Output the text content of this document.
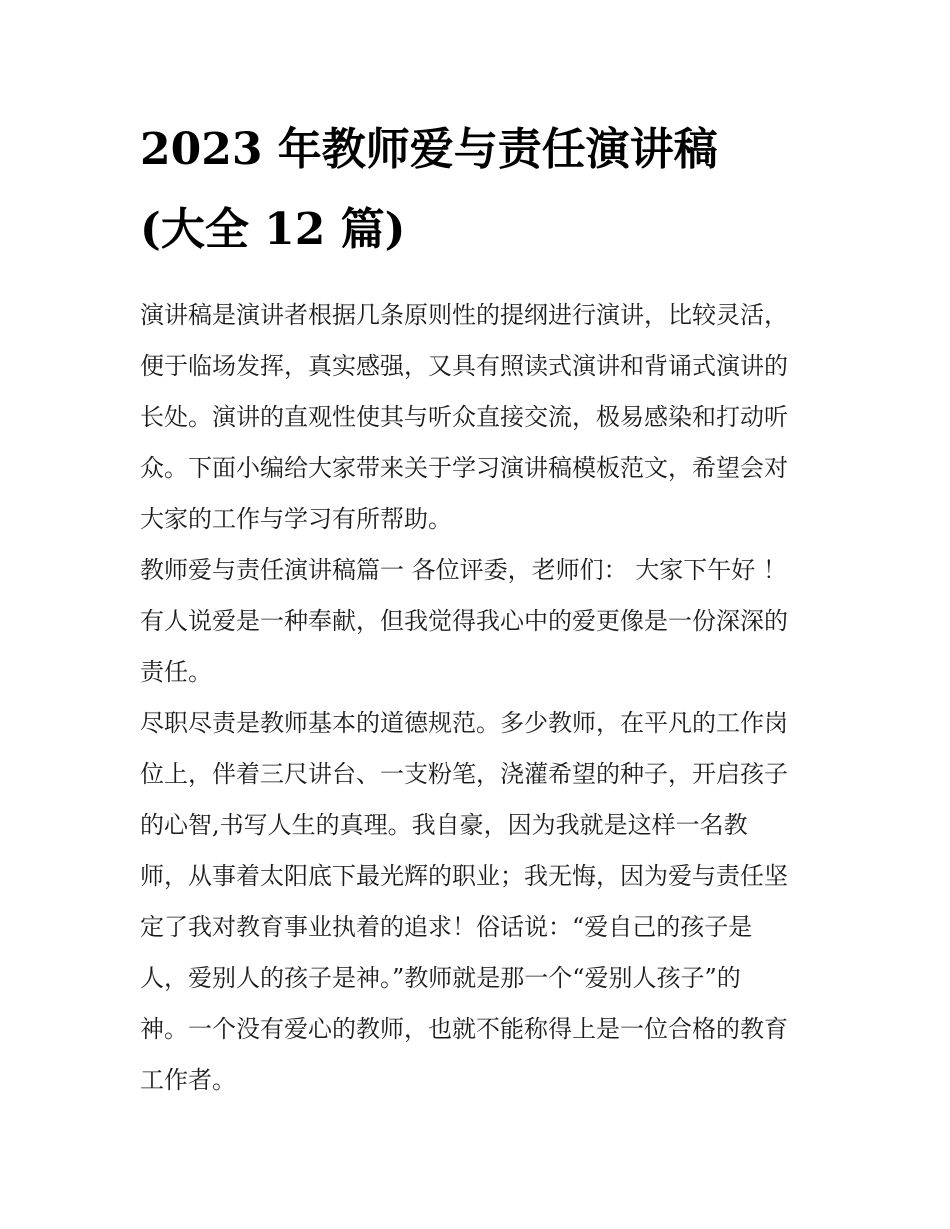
2023 年教师爱与责任演讲稿
(大全 12 篇)

演讲稿是演讲者根据几条原则性的提纲进行演讲，比较灵活，
便于临场发挥，真实感强，又具有照读式演讲和背诵式演讲的
长处。演讲的直观性使其与听众直接交流，极易感染和打动听
众。下面小编给大家带来关于学习演讲稿模板范文，希望会对
大家的工作与学习有所帮助。

教师爱与责任演讲稿篇一 各位评委，老师们： 大家下午好 ！
有人说爱是一种奉献，但我觉得我心中的爱更像是一份深深的
责任。

尽职尽责是教师基本的道德规范。多少教师，在平凡的工作岗
位上，伴着三尺讲台、一支粉笔，浇灌希望的种子，开启孩子
的心智,书写人生的真理。我自豪，因为我就是这样一名教
师，从事着太阳底下最光辉的职业；我无悔，因为爱与责任坚
定了我对教育事业执着的追求！俗话说：“爱自己的孩子是
人，爱别人的孩子是神。”教师就是那一个“爱别人孩子”的
神。一个没有爱心的教师，也就不能称得上是一位合格的教育
工作者。
